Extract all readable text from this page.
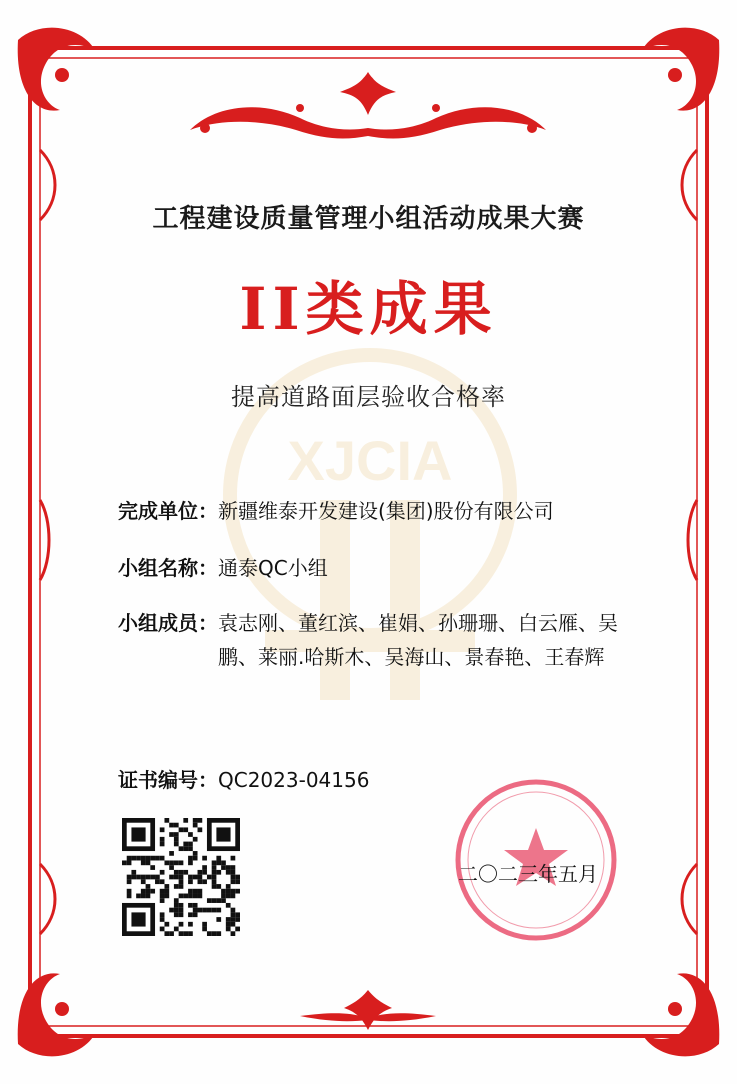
XJCIA
工程建设质量管理小组活动成果大赛
II类成果
提高道路面层验收合格率
完成单位：新疆维泰开发建设(集团)股份有限公司
小组名称：通泰QC小组
小组成员：袁志刚、董红滨、崔娟、孙珊珊、白云雁、吴
鹏、莱丽.哈斯木、吴海山、景春艳、王春辉
证书编号：QC2023-04156
二〇二三年五月
